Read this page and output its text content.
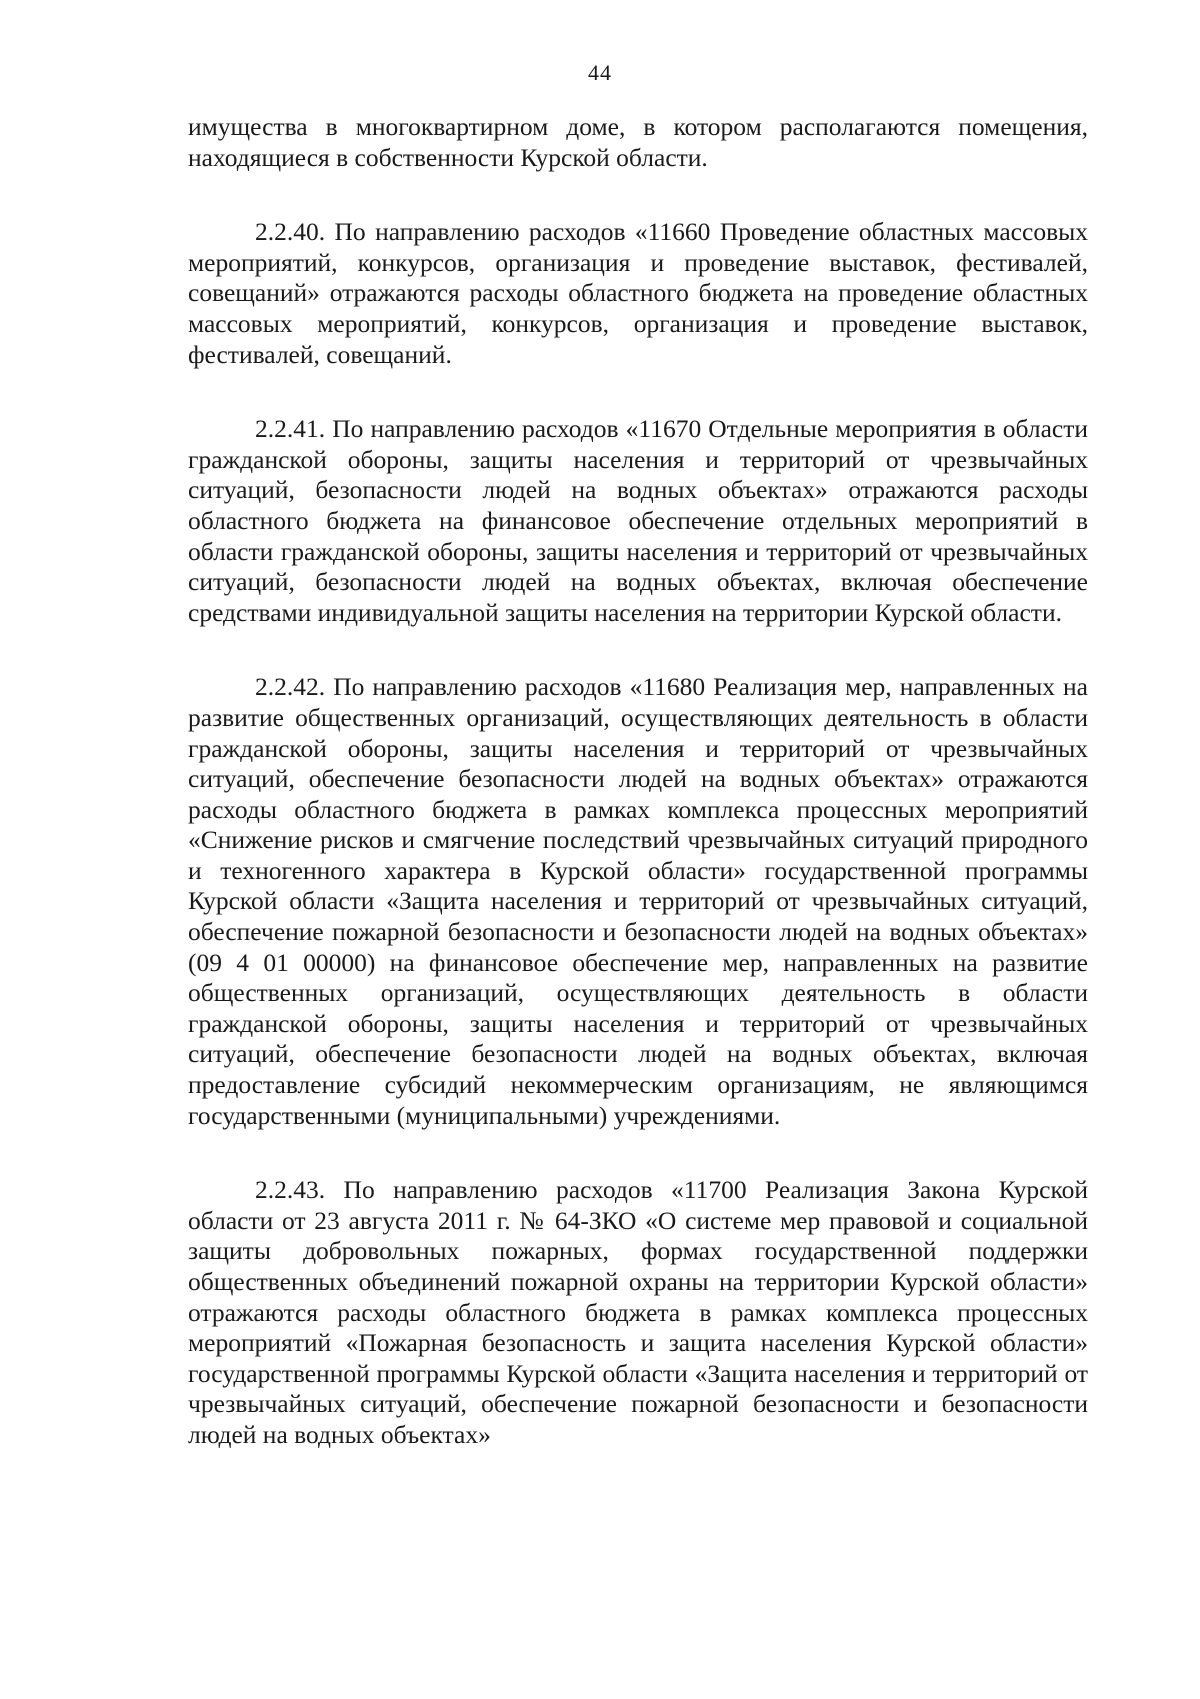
44

имущества в многоквартирном доме, в котором располагаются помещения, находящиеся в собственности Курской области.

2.2.40. По направлению расходов «11660 Проведение областных массовых мероприятий, конкурсов, организация и проведение выставок, фестивалей, совещаний» отражаются расходы областного бюджета на проведение областных массовых мероприятий, конкурсов, организация и проведение выставок, фестивалей, совещаний.

2.2.41. По направлению расходов «11670 Отдельные мероприятия в области гражданской обороны, защиты населения и территорий от чрезвычайных ситуаций, безопасности людей на водных объектах» отражаются расходы областного бюджета на финансовое обеспечение отдельных мероприятий в области гражданской обороны, защиты населения и территорий от чрезвычайных ситуаций, безопасности людей на водных объектах, включая обеспечение средствами индивидуальной защиты населения на территории Курской области.

2.2.42. По направлению расходов «11680 Реализация мер, направленных на развитие общественных организаций, осуществляющих деятельность в области гражданской обороны, защиты населения и территорий от чрезвычайных ситуаций, обеспечение безопасности людей на водных объектах» отражаются расходы областного бюджета в рамках комплекса процессных мероприятий «Снижение рисков и смягчение последствий чрезвычайных ситуаций природного и техногенного характера в Курской области» государственной программы Курской области «Защита населения и территорий от чрезвычайных ситуаций, обеспечение пожарной безопасности и безопасности людей на водных объектах» (09 4 01 00000) на финансовое обеспечение мер, направленных на развитие общественных организаций, осуществляющих деятельность в области гражданской обороны, защиты населения и территорий от чрезвычайных ситуаций, обеспечение безопасности людей на водных объектах, включая предоставление субсидий некоммерческим организациям, не являющимся государственными (муниципальными) учреждениями.

2.2.43. По направлению расходов «11700 Реализация Закона Курской области от 23 августа 2011 г. № 64-ЗКО «О системе мер правовой и социальной защиты добровольных пожарных, формах государственной поддержки общественных объединений пожарной охраны на территории Курской области» отражаются расходы областного бюджета в рамках комплекса процессных мероприятий «Пожарная безопасность и защита населения Курской области» государственной программы Курской области «Защита населения и территорий от чрезвычайных ситуаций, обеспечение пожарной безопасности и безопасности людей на водных объектах»
